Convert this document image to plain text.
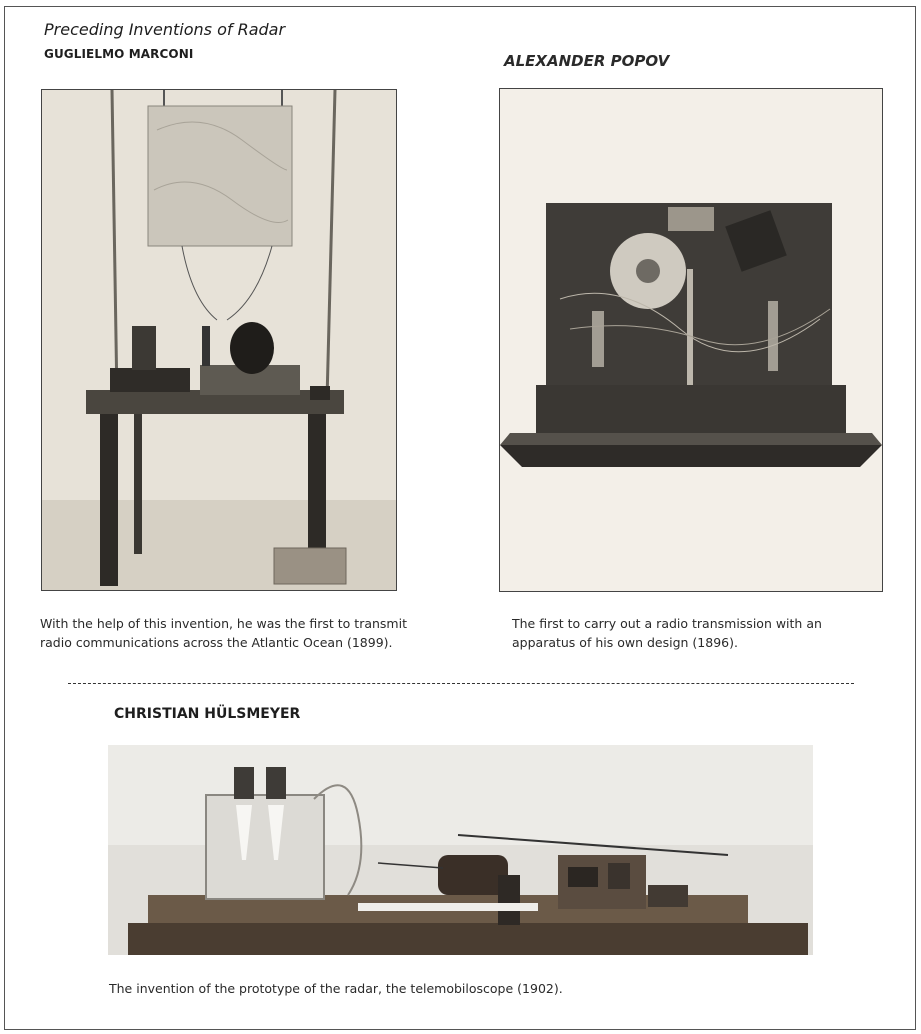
Preceding Inventions of Radar
GUGLIELMO MARCONI	ALEXANDER POPOV
With the help of this invention, he was the first to transmit
radio communications across the Atlantic Ocean (1899).
The first to carry out a radio transmission with an
apparatus of his own design (1896).
CHRISTIAN HÜLSMEYER
The invention of the prototype of the radar, the telemobiloscope (1902).
